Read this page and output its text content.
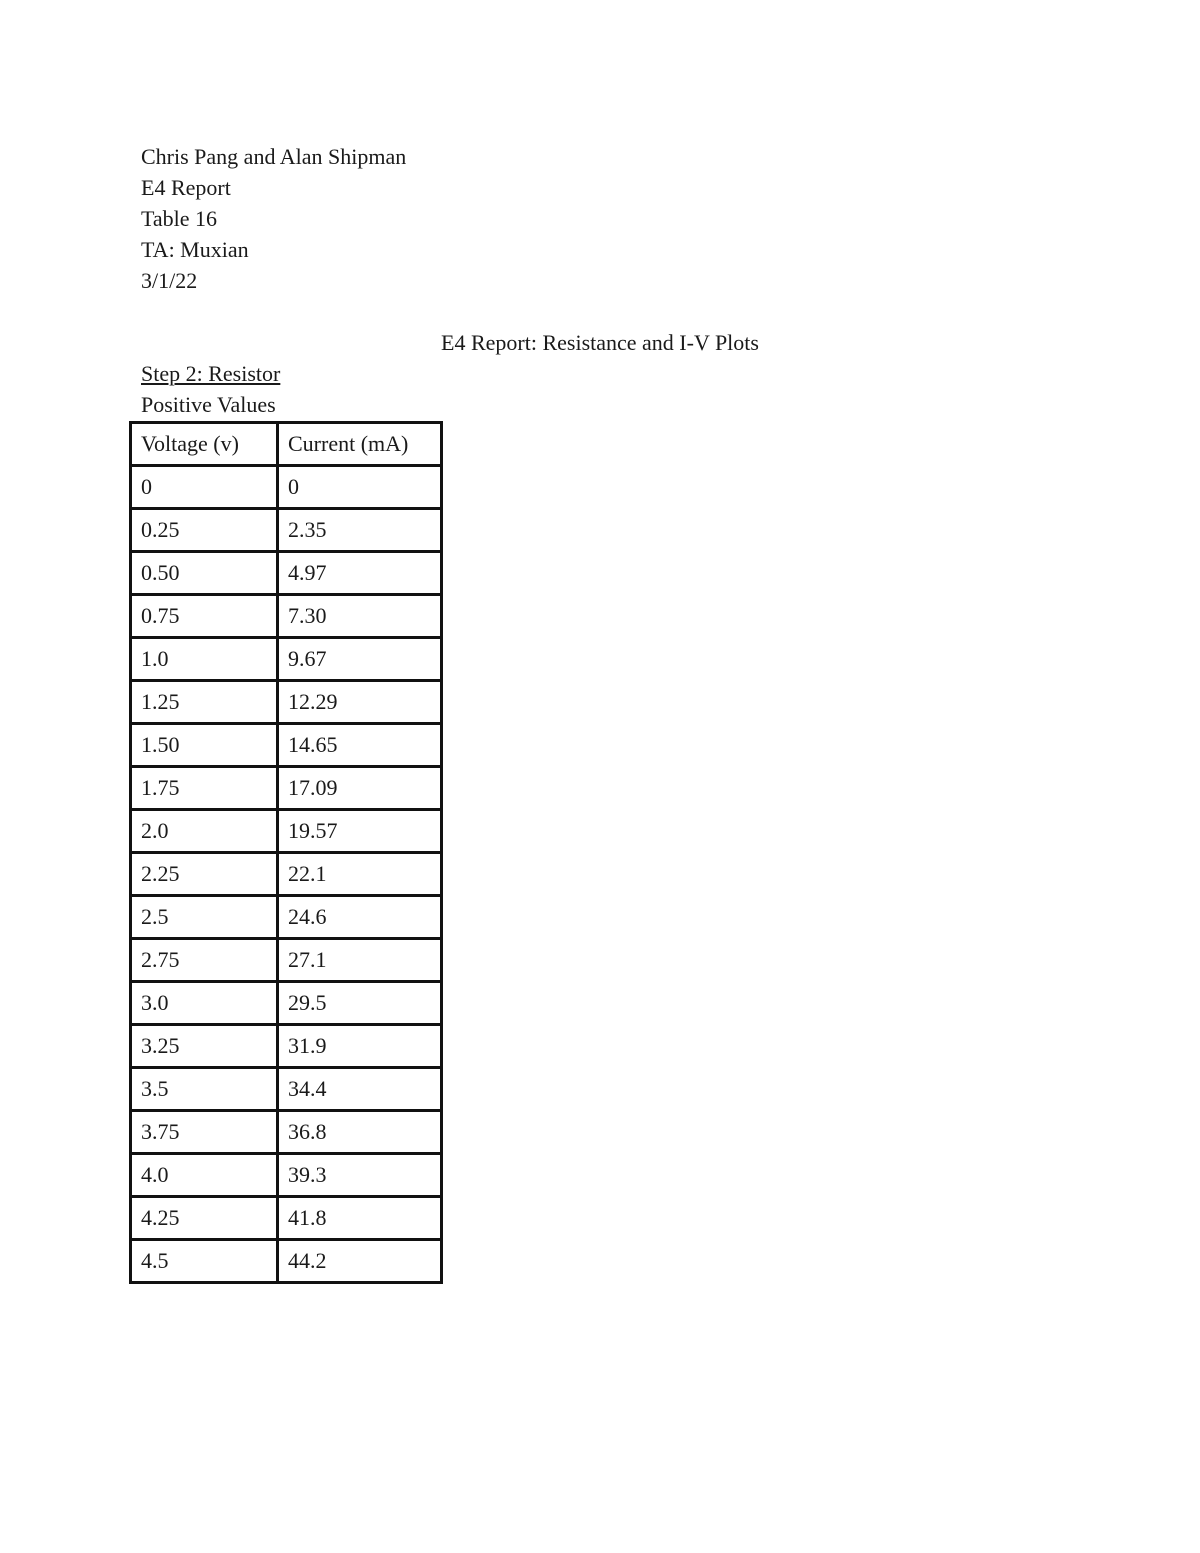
Chris Pang and Alan Shipman
E4 Report
Table 16
TA: Muxian
3/1/22
E4 Report: Resistance and I-V Plots
Step 2: Resistor
Positive Values
Voltage (v)	Current (mA)
0	0
0.25	2.35
0.50	4.97
0.75	7.30
1.0	9.67
1.25	12.29
1.50	14.65
1.75	17.09
2.0	19.57
2.25	22.1
2.5	24.6
2.75	27.1
3.0	29.5
3.25	31.9
3.5	34.4
3.75	36.8
4.0	39.3
4.25	41.8
4.5	44.2
